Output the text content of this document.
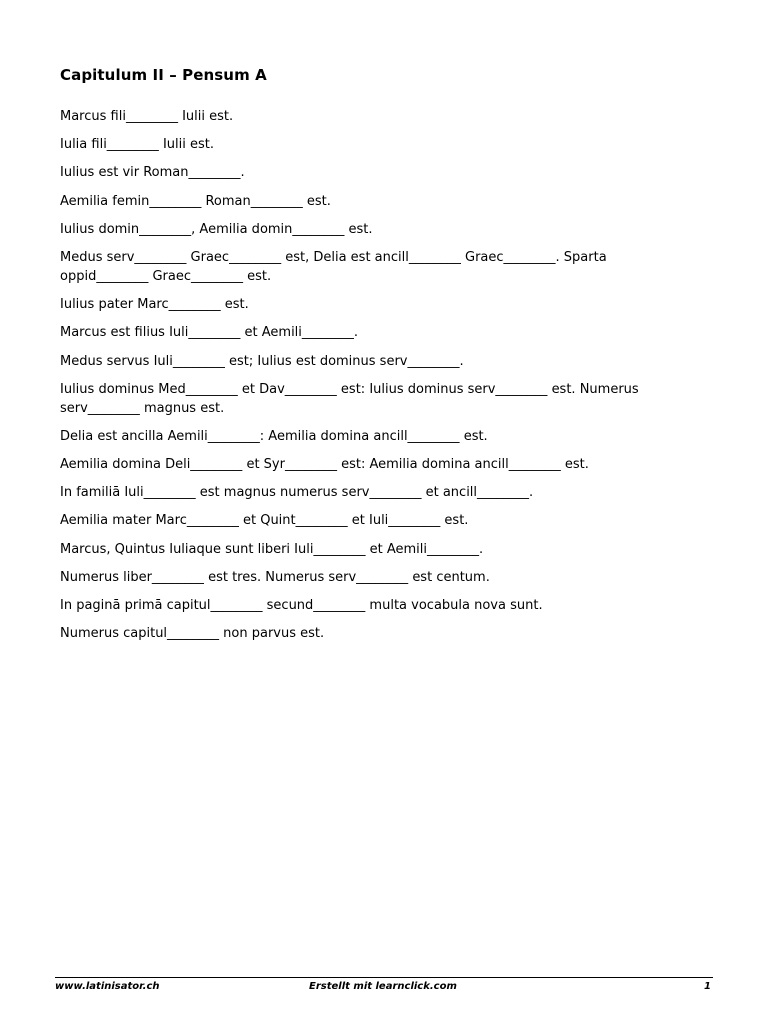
Capitulum II – Pensum A
Marcus fili________ Iulii est.
Iulia fili________ Iulii est.
Iulius est vir Roman________.
Aemilia femin________ Roman________ est.
Iulius domin________, Aemilia domin________ est.
Medus serv________ Graec________ est, Delia est ancill________ Graec________. Sparta oppid________ Graec________ est.
Iulius pater Marc________ est.
Marcus est filius Iuli________ et Aemili________.
Medus servus Iuli________ est; Iulius est dominus serv________.
Iulius dominus Med________ et Dav________ est: Iulius dominus serv________ est. Numerus serv________ magnus est.
Delia est ancilla Aemili________: Aemilia domina ancill________ est.
Aemilia domina Deli________ et Syr________ est: Aemilia domina ancill________ est.
In familiā Iuli________ est magnus numerus serv________ et ancill________.
Aemilia mater Marc________ et Quint________ et Iuli________ est.
Marcus, Quintus Iuliaque sunt liberi Iuli________ et Aemili________.
Numerus liber________ est tres. Numerus serv________ est centum.
In paginā primā capitul________ secund________ multa vocabula nova sunt.
Numerus capitul________ non parvus est.
www.latinisator.ch	Erstellt mit learnclick.com	1
